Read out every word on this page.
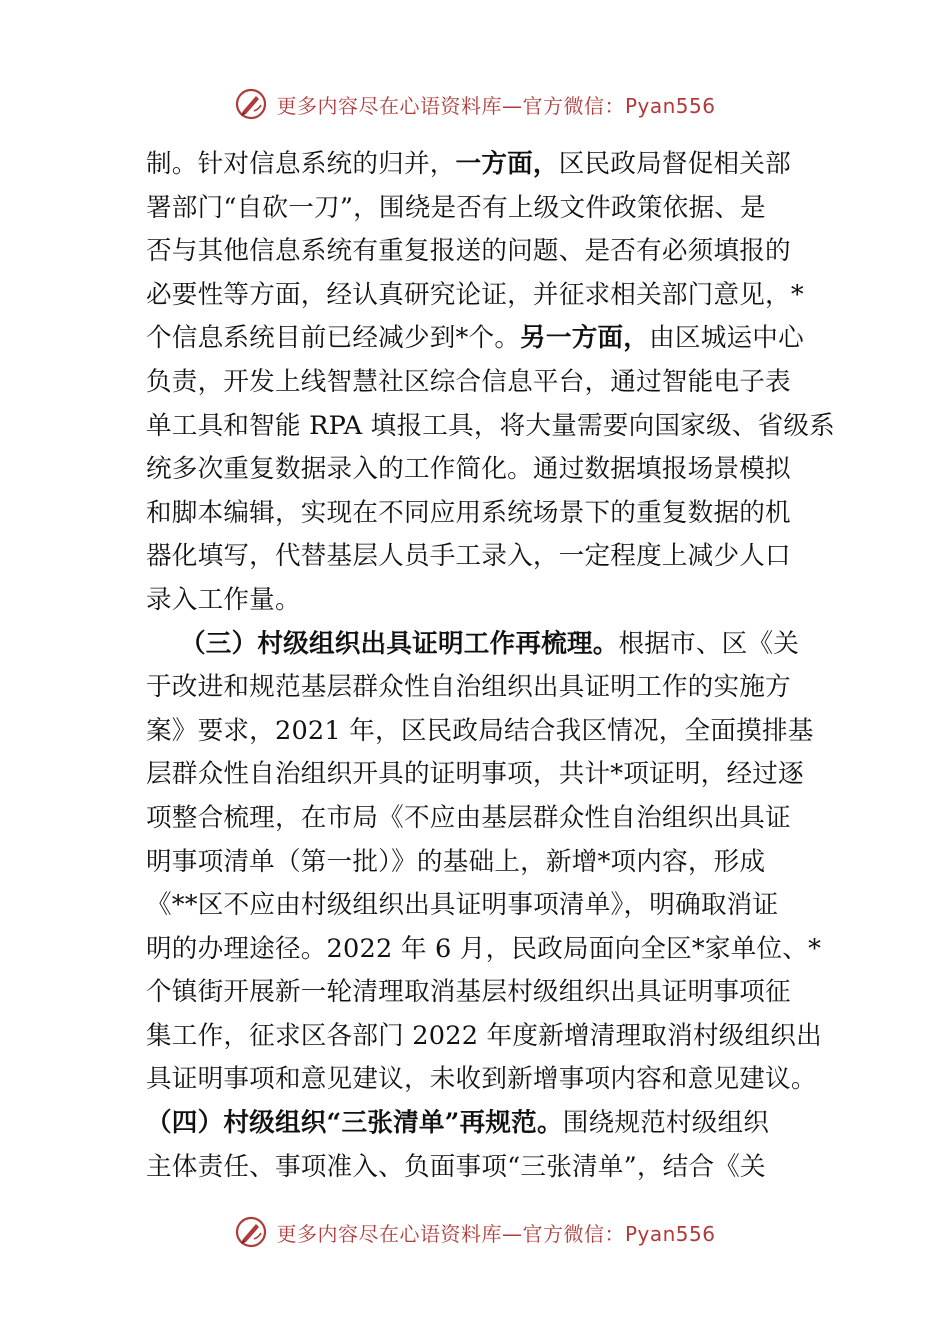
更多内容尽在心语资料库—官方微信：Pyan556
制。针对信息系统的归并，一方面，区民政局督促相关部
署部门“自砍一刀”，围绕是否有上级文件政策依据、是
否与其他信息系统有重复报送的问题、是否有必须填报的
必要性等方面，经认真研究论证，并征求相关部门意见，*
个信息系统目前已经减少到*个。另一方面，由区城运中心
负责，开发上线智慧社区综合信息平台，通过智能电子表
单工具和智能 RPA 填报工具，将大量需要向国家级、省级系
统多次重复数据录入的工作简化。通过数据填报场景模拟
和脚本编辑，实现在不同应用系统场景下的重复数据的机
器化填写，代替基层人员手工录入，一定程度上减少人口
录入工作量。
（三）村级组织出具证明工作再梳理。根据市、区《关
于改进和规范基层群众性自治组织出具证明工作的实施方
案》要求，2021 年，区民政局结合我区情况，全面摸排基
层群众性自治组织开具的证明事项，共计*项证明，经过逐
项整合梳理，在市局《不应由基层群众性自治组织出具证
明事项清单（第一批）》的基础上，新增*项内容，形成
《**区不应由村级组织出具证明事项清单》，明确取消证
明的办理途径。2022 年 6 月，民政局面向全区*家单位、*
个镇街开展新一轮清理取消基层村级组织出具证明事项征
集工作，征求区各部门 2022 年度新增清理取消村级组织出
具证明事项和意见建议，未收到新增事项内容和意见建议。
（四）村级组织“三张清单”再规范。围绕规范村级组织
主体责任、事项准入、负面事项“三张清单”，结合《关
更多内容尽在心语资料库—官方微信：Pyan556
